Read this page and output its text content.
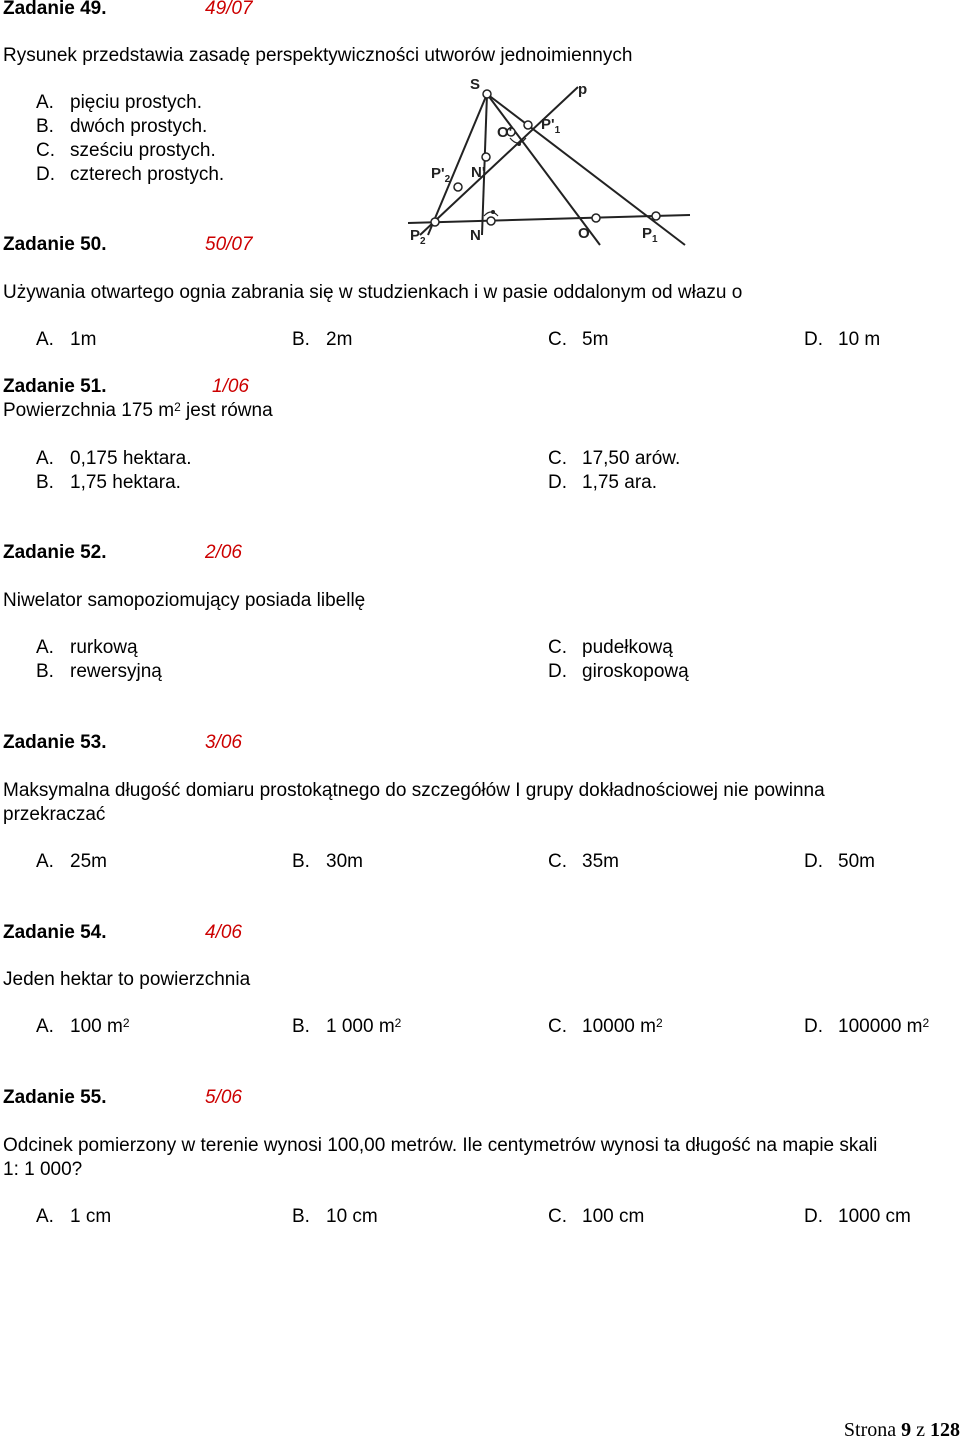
Zadanie 49.	49/07
Rysunek przedstawia zasadę perspektywiczności utworów jednoimiennych
A. pięciu prostych.
B. dwóch prostych.
C. sześciu prostych.
D. czterech prostych.
S	p
O' $P'_1$
$P'_2$ N'
$P_2$	N	O	$P_1$
Zadanie 50.	50/07
Używania otwartego ognia zabrania się w studzienkach i w pasie oddalonym od włazu o
A. 1m	B. 2m	C. 5m	D. 10 m
Zadanie 51.	1/06
Powierzchnia 175 $m^2$ jest równa
A. 0,175 hektara.
B. 1,75 hektara.
C. 17,50 arów.
D. 1,75 ara.
Zadanie 52.	2/06
Niwelator samopoziomujący posiada libellę
A. rurkową
B. rewersyjną
C. pudełkową
D. giroskopową
Zadanie 53.	3/06
Maksymalna długość domiaru prostokątnego do szczegółów I grupy dokładnościowej nie powinna
przekraczać
A. 25m	B. 30m	C. 35m	D. 50m
Zadanie 54.	4/06
Jeden hektar to powierzchnia
A. 100 $m^2$	B. 1 000 $m^2$	C. 10000 $m^2$	D. 100000 $m^2$
Zadanie 55.	5/06
Odcinek pomierzony w terenie wynosi 100,00 metrów. Ile centymetrów wynosi ta długość na mapie skali
1: 1 000?
A. 1 cm	B. 10 cm	C. 100 cm	D. 1000 cm
Strona 9 z 128
